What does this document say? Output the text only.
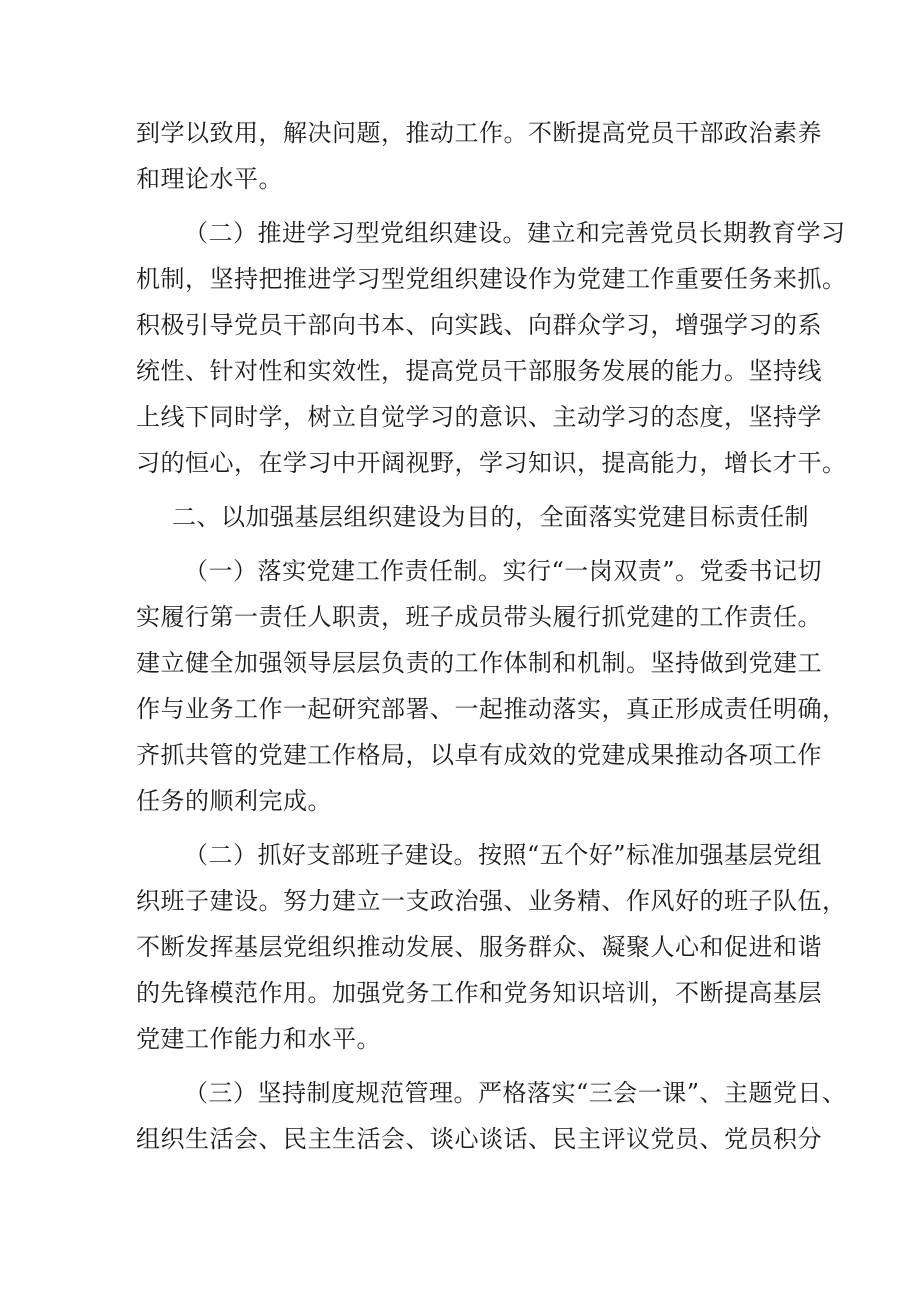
到学以致用，解决问题，推动工作。不断提高党员干部政治素养
和理论水平。
（二）推进学习型党组织建设。建立和完善党员长期教育学习
机制，坚持把推进学习型党组织建设作为党建工作重要任务来抓。
积极引导党员干部向书本、向实践、向群众学习，增强学习的系
统性、针对性和实效性，提高党员干部服务发展的能力。坚持线
上线下同时学，树立自觉学习的意识、主动学习的态度，坚持学
习的恒心，在学习中开阔视野，学习知识，提高能力，增长才干。
二、以加强基层组织建设为目的，全面落实党建目标责任制
（一）落实党建工作责任制。实行“一岗双责”。党委书记切
实履行第一责任人职责，班子成员带头履行抓党建的工作责任。
建立健全加强领导层层负责的工作体制和机制。坚持做到党建工
作与业务工作一起研究部署、一起推动落实，真正形成责任明确，
齐抓共管的党建工作格局，以卓有成效的党建成果推动各项工作
任务的顺利完成。
（二）抓好支部班子建设。按照“五个好”标准加强基层党组
织班子建设。努力建立一支政治强、业务精、作风好的班子队伍，
不断发挥基层党组织推动发展、服务群众、凝聚人心和促进和谐
的先锋模范作用。加强党务工作和党务知识培训，不断提高基层
党建工作能力和水平。
（三）坚持制度规范管理。严格落实“三会一课”、主题党日、
组织生活会、民主生活会、谈心谈话、民主评议党员、党员积分
